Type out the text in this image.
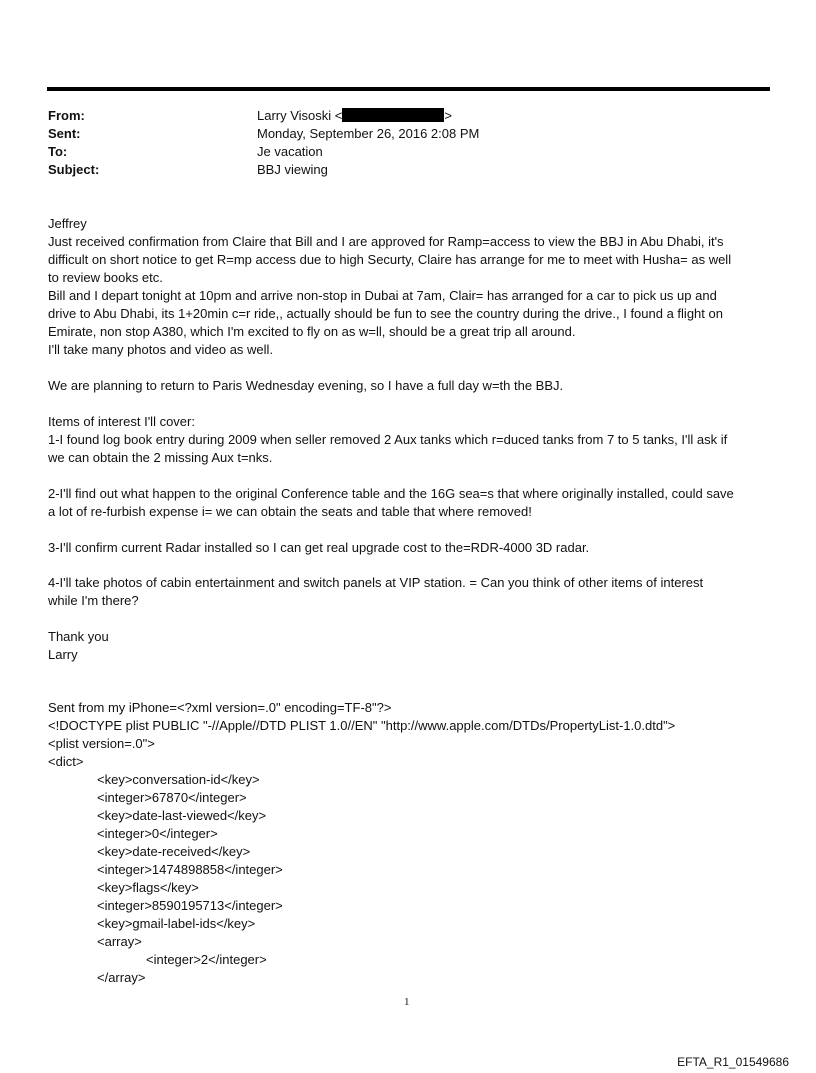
From:	Larry Visoski <	>
Sent:	Monday, September 26, 2016 2:08 PM
To:	Je vacation
Subject:	BBJ viewing
Jeffrey
Just received confirmation from Claire that Bill and I are approved for Ramp=access to view the BBJ in Abu Dhabi, it's
difficult on short notice to get R=mp access due to high Securty, Claire has arrange for me to meet with Husha= as well
to review books etc.
Bill and I depart tonight at 10pm and arrive non-stop in Dubai at 7am, Clair= has arranged for a car to pick us up and
drive to Abu Dhabi, its 1+20min c=r ride,, actually should be fun to see the country during the drive., I found a flight on
Emirate, non stop A380, which I'm excited to fly on as w=ll, should be a great trip all around.
I'll take many photos and video as well.
We are planning to return to Paris Wednesday evening, so I have a full day w=th the BBJ.
Items of interest I'll cover:
1-I found log book entry during 2009 when seller removed 2 Aux tanks which r=duced tanks from 7 to 5 tanks, I'll ask if
we can obtain the 2 missing Aux t=nks.
2-I'll find out what happen to the original Conference table and the 16G sea=s that where originally installed, could save
a lot of re-furbish expense i= we can obtain the seats and table that where removed!
3-I'll confirm current Radar installed so I can get real upgrade cost to the=RDR-4000 3D radar.
4-I'll take photos of cabin entertainment and switch panels at VIP station. = Can you think of other items of interest
while I'm there?
Thank you
Larry
Sent from my iPhone=<?xml version=.0" encoding=TF-8"?>
<!DOCTYPE plist PUBLIC "-//Apple//DTD PLIST 1.0//EN" "http://www.apple.com/DTDs/PropertyList-1.0.dtd">
<plist version=.0">
<dict>
<key>conversation-id</key>
<integer>67870</integer>
<key>date-last-viewed</key>
<integer>0</integer>
<key>date-received</key>
<integer>1474898858</integer>
<key>flags</key>
<integer>8590195713</integer>
<key>gmail-label-ids</key>
<array>
<integer>2</integer>
</array>
1
EFTA_R1_01549686
